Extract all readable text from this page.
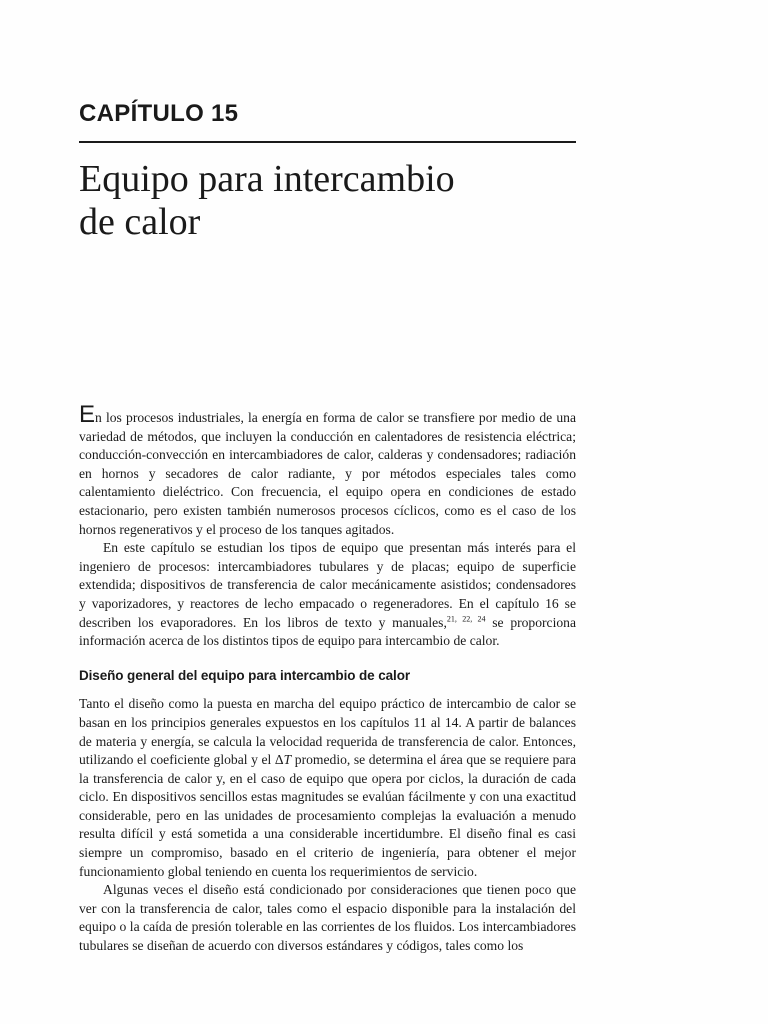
CAPÍTULO 15
Equipo para intercambio
de calor

En los procesos industriales, la energía en forma de calor se transfiere por medio de una variedad de métodos, que incluyen la conducción en calentadores de resistencia eléctrica; conducción-convección en intercambiadores de calor, calderas y condensadores; radiación en hornos y secadores de calor radiante, y por métodos especiales tales como calentamiento dieléctrico. Con frecuencia, el equipo opera en condiciones de estado estacionario, pero existen también numerosos procesos cíclicos, como es el caso de los hornos regenerativos y el proceso de los tanques agitados.

En este capítulo se estudian los tipos de equipo que presentan más interés para el ingeniero de procesos: intercambiadores tubulares y de placas; equipo de superficie extendida; dispositivos de transferencia de calor mecánicamente asistidos; condensadores y vaporizadores, y reactores de lecho empacado o regeneradores. En el capítulo 16 se describen los evaporadores. En los libros de texto y manuales,$^{21, 22, 24}$ se proporciona información acerca de los distintos tipos de equipo para intercambio de calor.

Diseño general del equipo para intercambio de calor

Tanto el diseño como la puesta en marcha del equipo práctico de intercambio de calor se basan en los principios generales expuestos en los capítulos 11 al 14. A partir de balances de materia y energía, se calcula la velocidad requerida de transferencia de calor. Entonces, utilizando el coeficiente global y el ΔT promedio, se determina el área que se requiere para la transferencia de calor y, en el caso de equipo que opera por ciclos, la duración de cada ciclo. En dispositivos sencillos estas magnitudes se evalúan fácilmente y con una exactitud considerable, pero en las unidades de procesamiento complejas la evaluación a menudo resulta difícil y está sometida a una considerable incertidumbre. El diseño final es casi siempre un compromiso, basado en el criterio de ingeniería, para obtener el mejor funcionamiento global teniendo en cuenta los requerimientos de servicio.

Algunas veces el diseño está condicionado por consideraciones que tienen poco que ver con la transferencia de calor, tales como el espacio disponible para la instalación del equipo o la caída de presión tolerable en las corrientes de los fluidos. Los intercambiadores tubulares se diseñan de acuerdo con diversos estándares y códigos, tales como los
